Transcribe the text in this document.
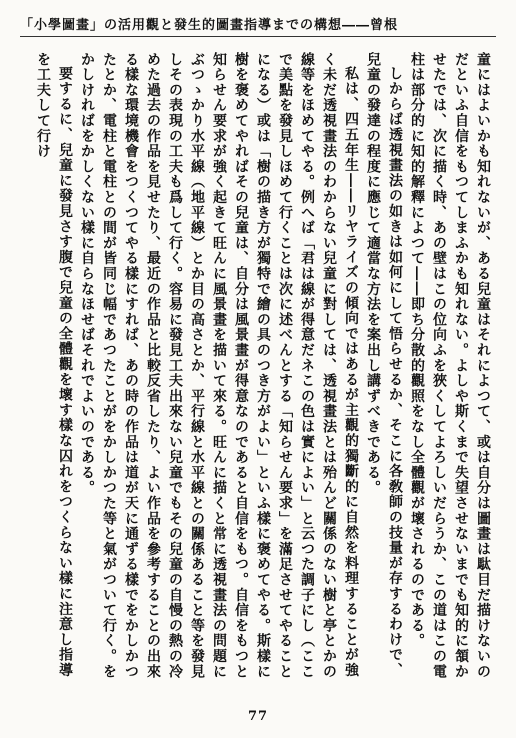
「小學圖畫」の活用觀と發生的圖畫指導までの構想――曾根

童にはよいかも知れないが、ある兒童はそれによつて、或は自分は圖畫は駄目だ描けないのだといふ自信をもつてしまふかも知れない。よしや斯くまで失望させないまでも知的に頷かせたでは、次に描く時、あの壁はこの位向ふを狹くしてよろしいだらうか、この道はこの電柱は部分的に知的解釋によつて――即ち分散的觀照をなし全體觀が壞されるのである。

しからば透視畫法の如きは如何にして悟らせるか、そこに各敎師の技量が存するわけで、兒童の發達の程度に應じて適當な方法を案出し講ずべきである。

私は、四五年生――リヤライズの傾向ではあるが主觀的獨斷的に自然を料理することが強く未だ透視畫法のわからない兒童に對しては、透視畫法とは殆んど關係のない樹と亭とかの線等をほめてやる。例へば「君は線が得意だネこの色は實によい」と云つた調子にし（ここで美點を發見しほめて行くことは次に述べんとする「知らせん要求」を滿足させてやることになる）或は「樹の描き方が獨特で繪の具のつき方がよい」といふ樣に褒めてやる。斯樣に樹を褒めてやればその兒童は、自分は風景畫が得意なのであると自信をもつ。自信をもつと知らせん要求が強く起きて旺んに風景畫を描いて來る。旺んに描くと常に透視畫法の問題にぶつゝかり水平線（地平線）とか目の高さとか、平行線と水平線との關係あること等を發見しその表現の工夫も爲して行く。容易に發見工夫出來ない兒童でもその兒童の自慢の熱の冷めた過去の作品を見せたり、最近の作品と比較反省したり、よい作品を參考することの出來る樣な環境機會をつくつてやる樣にすれば、あの時の作品は道が天に通ずる樣でをかしかつたとか、電柱と電柱との間が皆同じ幅であつたことがをかしかつた等と氣がついて行く。をかしければをかしくない樣に自らなほせばそれでよいのである。

要するに、兒童に發見さす腹で兒童の全體觀を壞す樣な囚れをつくらない樣に注意し指導を工夫して行け

77
